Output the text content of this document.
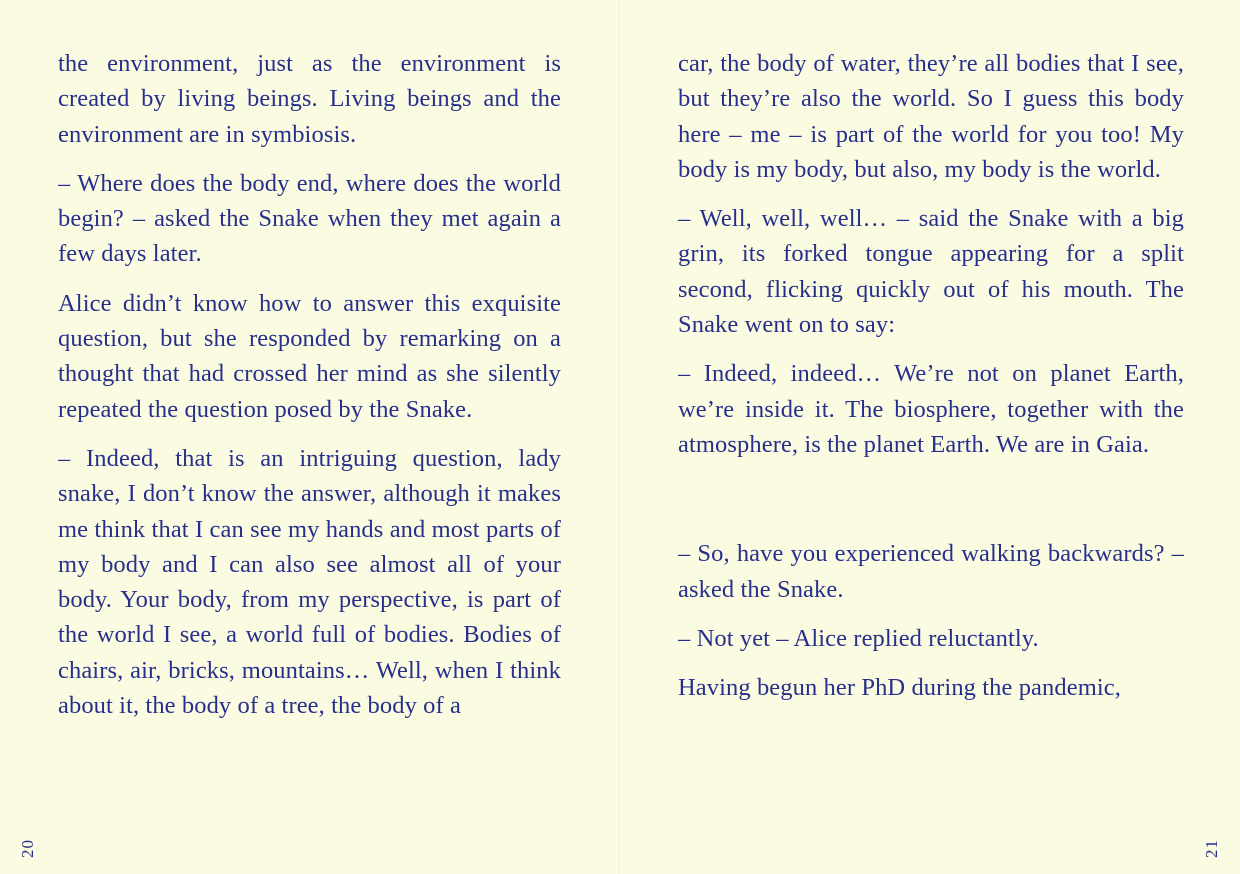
the environment, just as the environment is created by living beings. Living beings and the environment are in symbiosis.

– Where does the body end, where does the world begin? – asked the Snake when they met again a few days later.

Alice didn’t know how to answer this exquisite question, but she responded by remarking on a thought that had crossed her mind as she silently repeated the question posed by the Snake.

– Indeed, that is an intriguing question, lady snake, I don’t know the answer, although it makes me think that I can see my hands and most parts of my body and I can also see almost all of your body. Your body, from my perspective, is part of the world I see, a world full of bodies. Bodies of chairs, air, bricks, mountains… Well, when I think about it, the body of a tree, the body of a

20

car, the body of water, they’re all bodies that I see, but they’re also the world. So I guess this body here – me – is part of the world for you too! My body is my body, but also, my body is the world.

– Well, well, well… – said the Snake with a big grin, its forked tongue appearing for a split second, flicking quickly out of his mouth. The Snake went on to say:

– Indeed, indeed… We’re not on planet Earth, we’re inside it. The biosphere, together with the atmosphere, is the planet Earth. We are in Gaia.

– So, have you experienced walking backwards? – asked the Snake.

– Not yet – Alice replied reluctantly.

Having begun her PhD during the pandemic,

21
